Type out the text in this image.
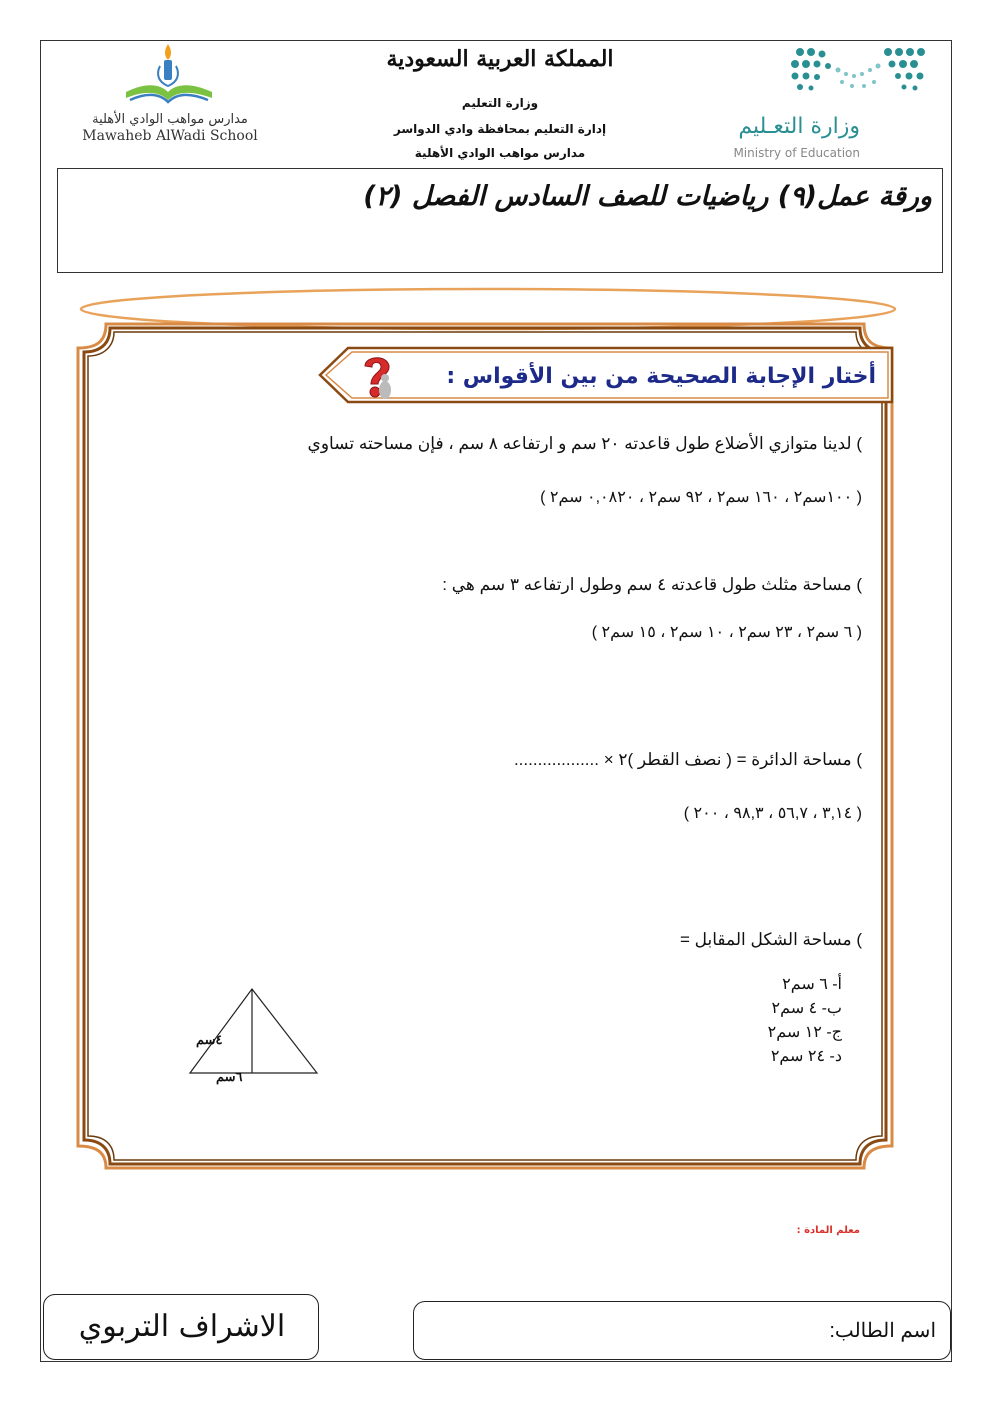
وزارة التعـليم
Ministry of Education
المملكة العربية السعودية
وزارة التعليم
إدارة التعليم بمحافظة وادي الدواسر
مدارس مواهب الوادي الأهلية
مدارس مواهب الوادي الأهلية
Mawaheb AlWadi School
ورقة عمل(٩) رياضيات للصف السادس الفصل (٢)
أختار الإجابة الصحيحة من بين الأقواس :
) لدينا متوازي الأضلاع طول قاعدته ٢٠ سم و ارتفاعه ٨ سم ، فإن مساحته تساوي
( ١٠٠سم٢ ، ١٦٠ سم٢ ، ٩٢ سم٢ ، ٠,٠٨٢٠ سم٢ )
) مساحة مثلث طول قاعدته ٤ سم وطول ارتفاعه ٣ سم هي :
( ٦ سم٢ ، ٢٣ سم٢ ، ١٠ سم٢ ، ١٥ سم٢ )
) مساحة الدائرة = ( نصف القطر )٢ × ..................
( ٣,١٤ ، ٥٦,٧ ، ٩٨,٣ ، ٢٠٠ )
) مساحة الشكل المقابل =
أ- ٦ سم٢
ب- ٤ سم٢
ج- ١٢ سم٢
د- ٢٤ سم٢
٤سم
٦سم
معلم المادة :
الاشراف التربوي	اسم الطالب:
